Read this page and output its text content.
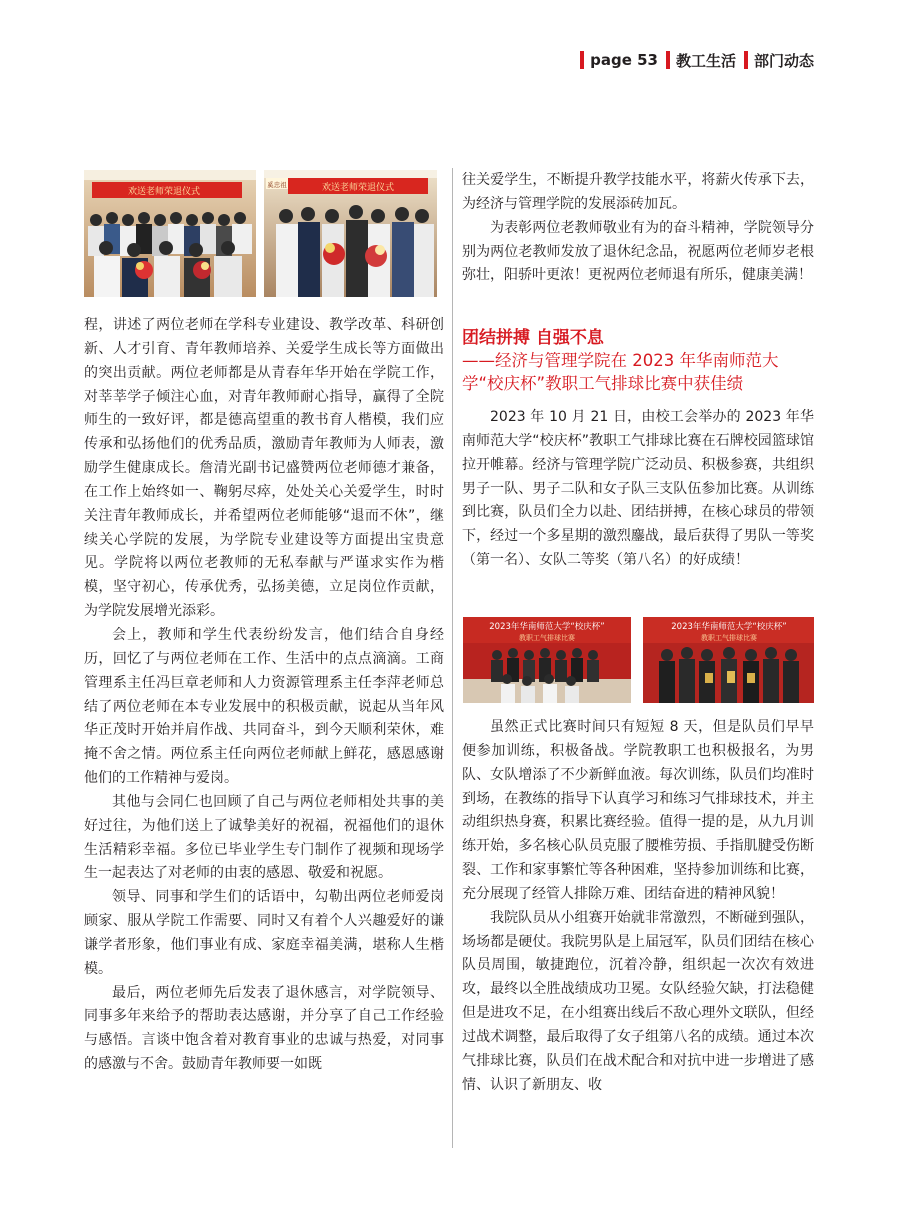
page 53 教工生活 部门动态
欢送老师荣退仪式	欢送老师荣退仪式
奚忠祖

程，讲述了两位老师在学科专业建设、教学改革、科研创新、人才引育、青年教师培养、关爱学生成长等方面做出的突出贡献。两位老师都是从青春年华开始在学院工作，对莘莘学子倾注心血，对青年教师耐心指导，赢得了全院师生的一致好评，都是德高望重的教书育人楷模，我们应传承和弘扬他们的优秀品质，激励青年教师为人师表，激励学生健康成长。詹清光副书记盛赞两位老师德才兼备，在工作上始终如一、鞠躬尽瘁，处处关心关爱学生，时时关注青年教师成长，并希望两位老师能够“退而不休”，继续关心学院的发展，为学院专业建设等方面提出宝贵意见。学院将以两位老教师的无私奉献与严谨求实作为楷模，坚守初心，传承优秀，弘扬美德，立足岗位作贡献，为学院发展增光添彩。

会上，教师和学生代表纷纷发言，他们结合自身经历，回忆了与两位老师在工作、生活中的点点滴滴。工商管理系主任冯巨章老师和人力资源管理系主任李萍老师总结了两位老师在本专业发展中的积极贡献，说起从当年风华正茂时开始并肩作战、共同奋斗，到今天顺利荣休，难掩不舍之情。两位系主任向两位老师献上鲜花，感恩感谢他们的工作精神与爱岗。

其他与会同仁也回顾了自己与两位老师相处共事的美好过往，为他们送上了诚挚美好的祝福，祝福他们的退休生活精彩幸福。多位已毕业学生专门制作了视频和现场学生一起表达了对老师的由衷的感恩、敬爱和祝愿。

领导、同事和学生们的话语中，勾勒出两位老师爱岗顾家、服从学院工作需要、同时又有着个人兴趣爱好的谦谦学者形象，他们事业有成、家庭幸福美满，堪称人生楷模。

最后，两位老师先后发表了退休感言，对学院领导、同事多年来给予的帮助表达感谢，并分享了自己工作经验与感悟。言谈中饱含着对教育事业的忠诚与热爱，对同事的感激与不舍。鼓励青年教师要一如既

往关爱学生，不断提升教学技能水平，将薪火传承下去，为经济与管理学院的发展添砖加瓦。

为表彰两位老教师敬业有为的奋斗精神，学院领导分别为两位老教师发放了退休纪念品，祝愿两位老师岁老根弥壮，阳骄叶更浓！更祝两位老师退有所乐，健康美满！

团结拼搏 自强不息
——经济与管理学院在 2023 年华南师范大
学“校庆杯”教职工气排球比赛中获佳绩

2023 年 10 月 21 日，由校工会举办的 2023 年华南师范大学“校庆杯”教职工气排球比赛在石牌校园篮球馆拉开帷幕。经济与管理学院广泛动员、积极参赛，共组织男子一队、男子二队和女子队三支队伍参加比赛。从训练到比赛，队员们全力以赴、团结拼搏，在核心球员的带领下，经过一个多星期的激烈鏖战，最后获得了男队一等奖（第一名）、女队二等奖（第八名）的好成绩！

2023年华南师范大学“校庆杯”
教职工气排球比赛
2023年华南师范大学“校庆杯”
教职工气排球比赛

虽然正式比赛时间只有短短 8 天，但是队员们早早便参加训练，积极备战。学院教职工也积极报名，为男队、女队增添了不少新鲜血液。每次训练，队员们均准时到场，在教练的指导下认真学习和练习气排球技术，并主动组织热身赛，积累比赛经验。值得一提的是，从九月训练开始，多名核心队员克服了腰椎劳损、手指肌腱受伤断裂、工作和家事繁忙等各种困难，坚持参加训练和比赛，充分展现了经管人排除万难、团结奋进的精神风貌！

我院队员从小组赛开始就非常激烈，不断碰到强队，场场都是硬仗。我院男队是上届冠军，队员们团结在核心队员周围，敏捷跑位，沉着冷静，组织起一次次有效进攻，最终以全胜战绩成功卫冕。女队经验欠缺，打法稳健但是进攻不足，在小组赛出线后不敌心理外文联队，但经过战术调整，最后取得了女子组第八名的成绩。通过本次气排球比赛，队员们在战术配合和对抗中进一步增进了感情、认识了新朋友、收
